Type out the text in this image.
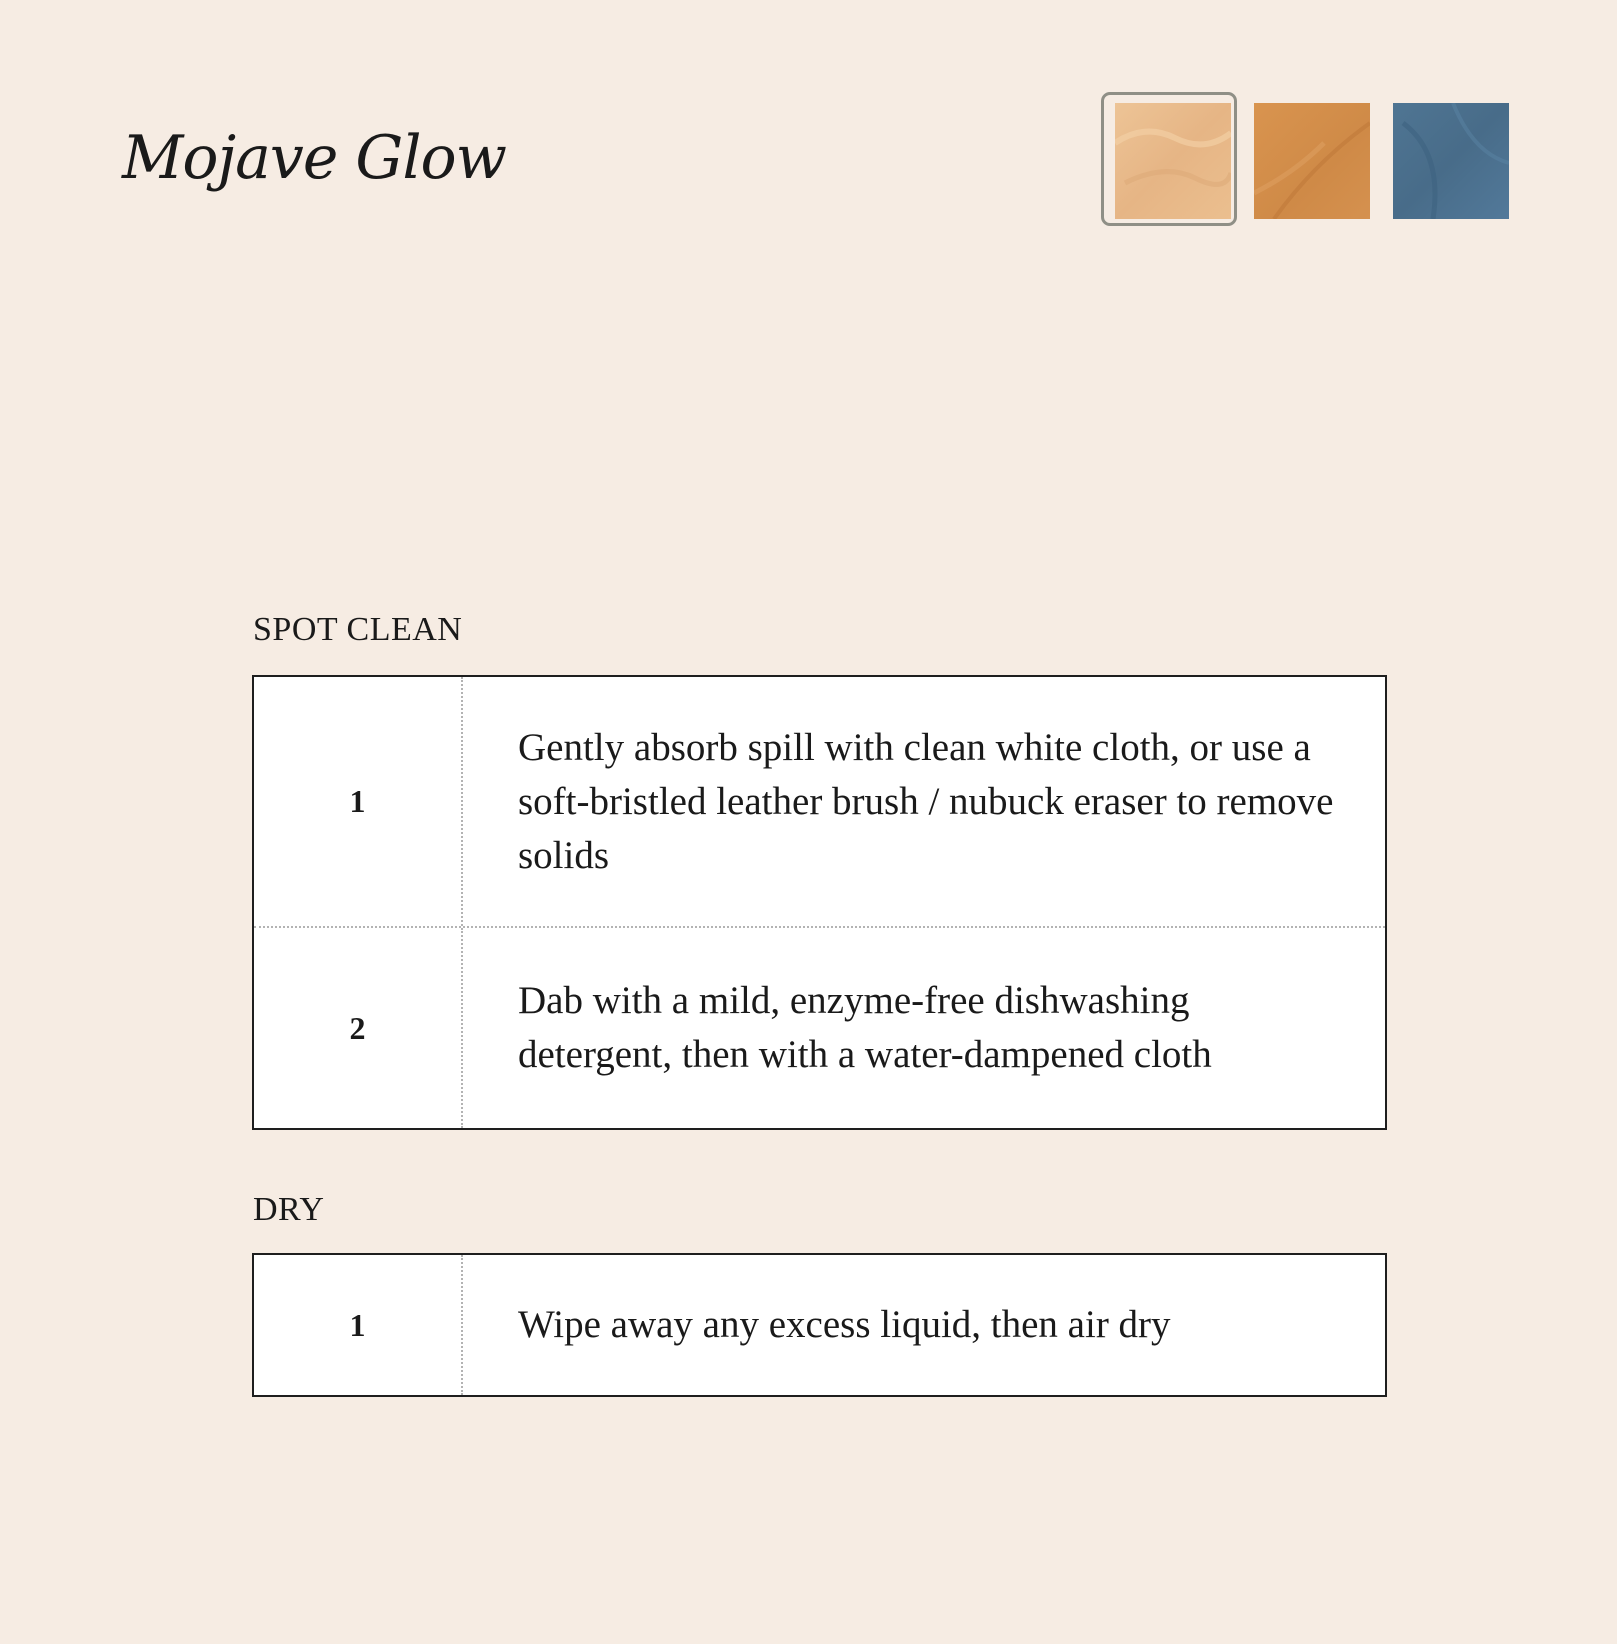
Mojave Glow
SPOT CLEAN
1
Gently absorb spill with clean white cloth, or use a soft-bristled leather brush / nubuck eraser to remove solids
2
Dab with a mild, enzyme-free dishwashing detergent, then with a water-dampened cloth
DRY
1	Wipe away any excess liquid, then air dry
